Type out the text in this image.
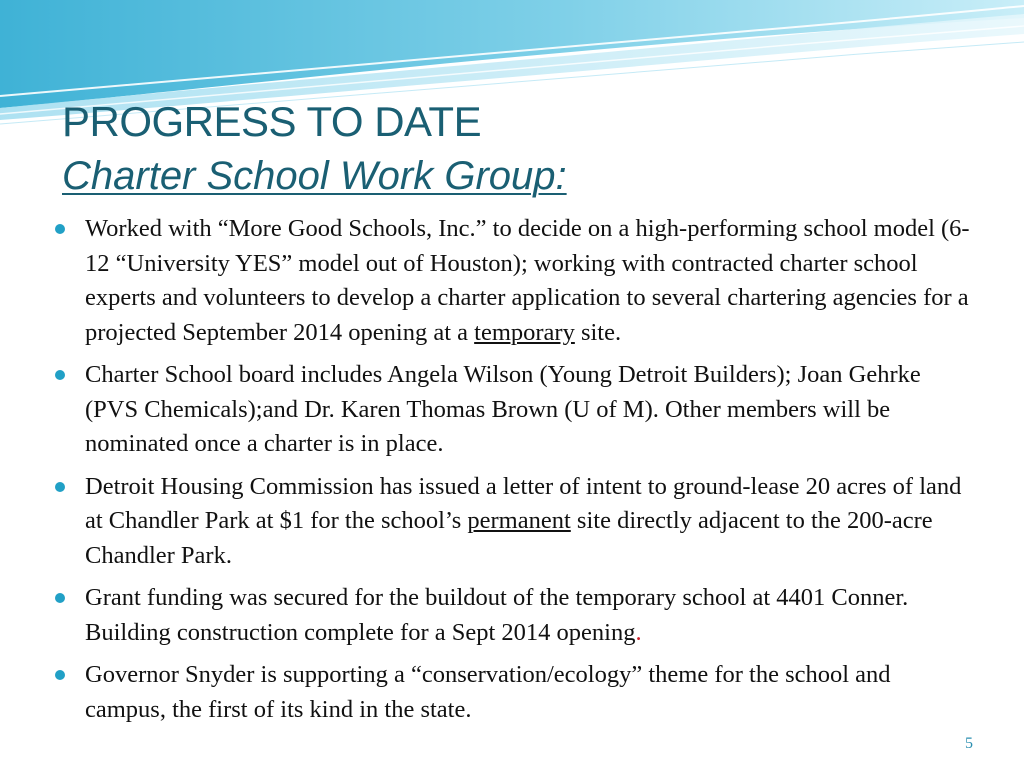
PROGRESS TO DATE
Charter School Work Group:
Worked with “More Good Schools, Inc.” to decide on a high-performing school model (6-12 “University YES” model out of Houston); working with contracted charter school experts and volunteers to develop a charter application to several chartering agencies for a projected September 2014 opening at a temporary site.
Charter School board includes Angela Wilson (Young Detroit Builders); Joan Gehrke (PVS Chemicals);and Dr. Karen Thomas Brown (U of M). Other members will be nominated once a charter is in place.
Detroit Housing Commission has issued a letter of intent to ground-lease 20 acres of land at Chandler Park at $1 for the school’s permanent site directly adjacent to the 200-acre Chandler Park.
Grant funding was secured for the buildout of the temporary school at 4401 Conner. Building construction complete for a Sept 2014 opening.
Governor Snyder is supporting a “conservation/ecology” theme for the school and campus, the first of its kind in the state.
5
